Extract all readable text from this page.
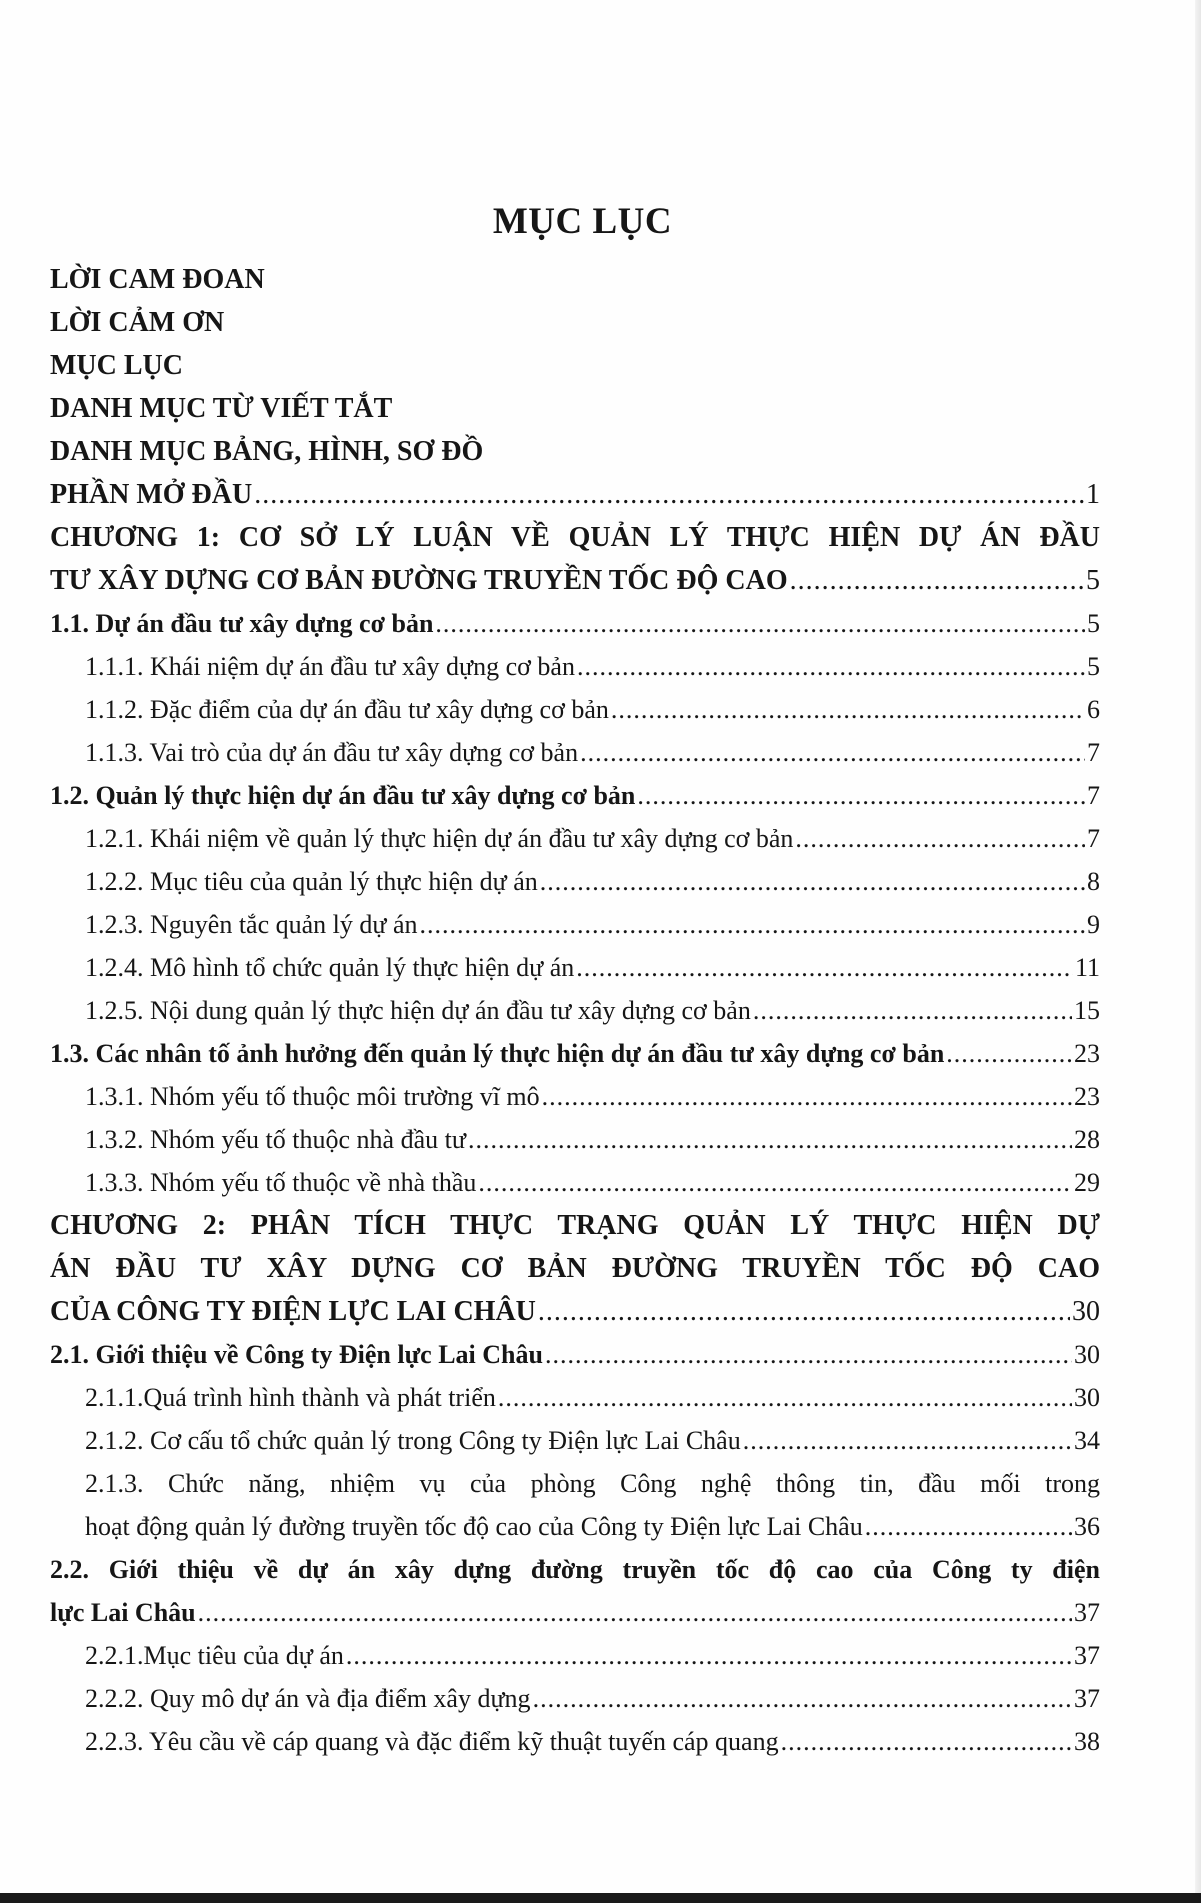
MỤC LỤC
LỜI CAM ĐOAN
LỜI CẢM ƠN
MỤC LỤC
DANH MỤC TỪ VIẾT TẮT
DANH MỤC BẢNG, HÌNH, SƠ ĐỒ
PHẦN MỞ ĐẦU .....	1
CHƯƠNG 1: CƠ SỞ LÝ LUẬN VỀ QUẢN LÝ THỰC HIỆN DỰ ÁN ĐẦU
TƯ XÂY DỰNG CƠ BẢN ĐƯỜNG TRUYỀN TỐC ĐỘ CAO .....	5
1.1. Dự án đầu tư xây dựng cơ bản .....	5
1.1.1. Khái niệm dự án đầu tư xây dựng cơ bản .....	5
1.1.2. Đặc điểm của dự án đầu tư xây dựng cơ bản .....	6
1.1.3. Vai trò của dự án đầu tư xây dựng cơ bản .....	7
1.2. Quản lý thực hiện dự án đầu tư xây dựng cơ bản .....	7
1.2.1. Khái niệm về quản lý thực hiện dự án đầu tư xây dựng cơ bản .....	7
1.2.2. Mục tiêu của quản lý thực hiện dự án .....	8
1.2.3. Nguyên tắc quản lý dự án .....	9
1.2.4. Mô hình tổ chức quản lý thực hiện dự án .....	11
1.2.5. Nội dung quản lý thực hiện dự án đầu tư xây dựng cơ bản .....	15
1.3. Các nhân tố ảnh hưởng đến quản lý thực hiện dự án đầu tư xây dựng cơ bản .....	23
1.3.1. Nhóm yếu tố thuộc môi trường vĩ mô .....	23
1.3.2. Nhóm yếu tố thuộc nhà đầu tư .....	28
1.3.3. Nhóm yếu tố thuộc về nhà thầu .....	29
CHƯƠNG 2: PHÂN TÍCH THỰC TRẠNG QUẢN LÝ THỰC HIỆN DỰ
ÁN ĐẦU TƯ XÂY DỰNG CƠ BẢN ĐƯỜNG TRUYỀN TỐC ĐỘ CAO
CỦA CÔNG TY ĐIỆN LỰC LAI CHÂU .....	30
2.1. Giới thiệu về Công ty Điện lực Lai Châu .....	30
2.1.1.Quá trình hình thành và phát triển .....	30
2.1.2. Cơ cấu tổ chức quản lý trong Công ty Điện lực Lai Châu .....	34
2.1.3. Chức năng, nhiệm vụ của phòng Công nghệ thông tin, đầu mối trong
hoạt động quản lý đường truyền tốc độ cao của Công ty Điện lực Lai Châu .....	36
2.2. Giới thiệu về dự án xây dựng đường truyền tốc độ cao của Công ty điện
lực Lai Châu .....	37
2.2.1.Mục tiêu của dự án .....	37
2.2.2. Quy mô dự án và địa điểm xây dựng .....	37
2.2.3. Yêu cầu về cáp quang và đặc điểm kỹ thuật tuyến cáp quang .....	38
